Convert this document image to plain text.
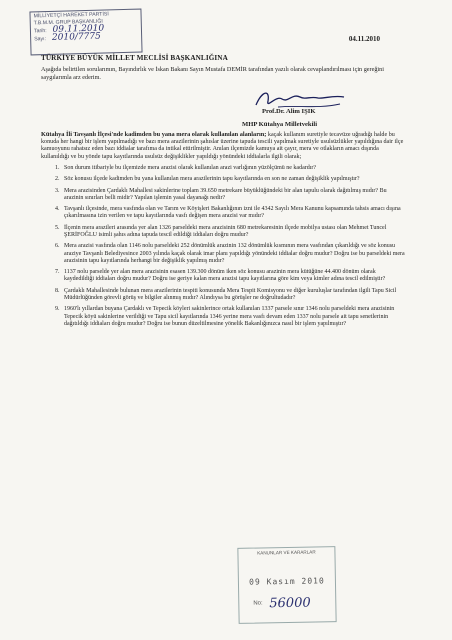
MİLLİYETÇİ HAREKET PARTİSİ
T.B.M.M. GRUP BAŞKANLIĞI
Tarih: 09.11.2010
Sayı: 2010/7775	04.11.2010
TÜRKİYE BÜYÜK MİLLET MECLİSİ BAŞKANLIĞINA
Aşağıda belirtilen sorularımın, Bayındırlık ve İskan Bakanı Sayın Mustafa DEMİR tarafından yazılı olarak cevaplandırılması için gereğini saygılarımla arz ederim.
Prof.Dr. Alim IŞIK
MHP Kütahya Milletvekili
Kütahya İli Tavşanlı İlçesi'nde kadimden bu yana mera olarak kullanılan alanların; kaçak kullanım suretiyle tecavüze uğradığı halde bu konuda her hangi bir işlem yapılmadığı ve bazı mera arazilerinin şahıslar üzerine tapuda tescili yapılmak suretiyle usulsüzlükler yapıldığına dair ilçe kamuoyunu rahatsız eden bazı iddialar tarafıma da intikal ettirilmiştir. Anılan ilçemizde kamuya ait çayır, mera ve otlakların amacı dışında kullanıldığı ve bu yönde tapu kayıtlarında usulsüz değişiklikler yapıldığı yönündeki iddialarla ilgili olarak;
1. Son durum itibariyle bu ilçemizde mera arazisi olarak kullanılan arazi varlığının yüzölçümü ne kadardır?
2. Söz konusu ilçede kadimden bu yana kullanılan mera arazilerinin tapu kayıtlarında en son ne zaman değişiklik yapılmıştır?
3. Mera arazisinden Çardaklı Mahallesi sakinlerine toplam 39.650 metrekare büyüklüğündeki bir alan tapulu olarak dağıtılmış mıdır? Bu arazinin sınırları belli midir? Yapılan işlemin yasal dayanağı nedir?
4. Tavşanlı ilçesinde, mera vasfında olan ve Tarım ve Köyişleri Bakanlığının izni ile 4342 Sayılı Mera Kanunu kapsamında tahsis amacı dışına çıkarılmasına izin verilen ve tapu kayıtlarında vasfı değişen mera arazisi var mıdır?
5. İlçenin mera arazileri arasında yer alan 1326 parseldeki mera arazisinin 680 metrekaresinin ilçede mobilya ustası olan Mehmet Tuncel ŞERİFOĞLU isimli şahıs adına tapuda tescil edildiği iddiaları doğru mudur?
6. Mera arazisi vasfında olan 1146 nolu parseldeki 252 dönümlük arazinin 132 dönümlük kısmının mera vasfından çıkarıldığı ve söz konusu araziye Tavşanlı Belediyesince 2003 yılında kaçak olarak imar planı yapıldığı yönündeki iddialar doğru mudur? Doğru ise bu parseldeki mera arazisinin tapu kayıtlarında herhangi bir değişiklik yapılmış mıdır?
7. 1137 nolu parselde yer alan mera arazisinin esasen 139.300 dönüm iken söz konusu arazinin mera kütüğüne 44.400 dönüm olarak kaydedildiği iddiaları doğru mudur? Doğru ise geriye kalan mera arazisi tapu kayıtlarına göre kim veya kimler adına tescil edilmiştir?
8. Çardaklı Mahallesinde bulunan mera arazilerinin tespiti konusunda Mera Tespit Komisyonu ve diğer kuruluşlar tarafından ilgili Tapu Sicil Müdürlüğünden görevli görüş ve bilgiler alınmış mıdır? Alındıysa bu görüşler ne doğrultudadır?
9. 1960'lı yıllardan buyana Çardaklı ve Tepecik köyleri sakinlerince ortak kullanılan 1337 parsele sınır 1346 nolu parseldeki mera arazisinin Tepecik köyü sakinlerine verildiği ve Tapu sicil kayıtlarında 1346 yerine mera vasfı devam eden 1337 nolu parsele ait tapu senetlerinin dağıtıldığı iddiaları doğru mudur? Doğru ise bunun düzeltilmesine yönelik Bakanlığınızca nasıl bir işlem yapılmıştır?
KANUNLAR VE KARARLAR
09 Kasım 2010
No: 56000
